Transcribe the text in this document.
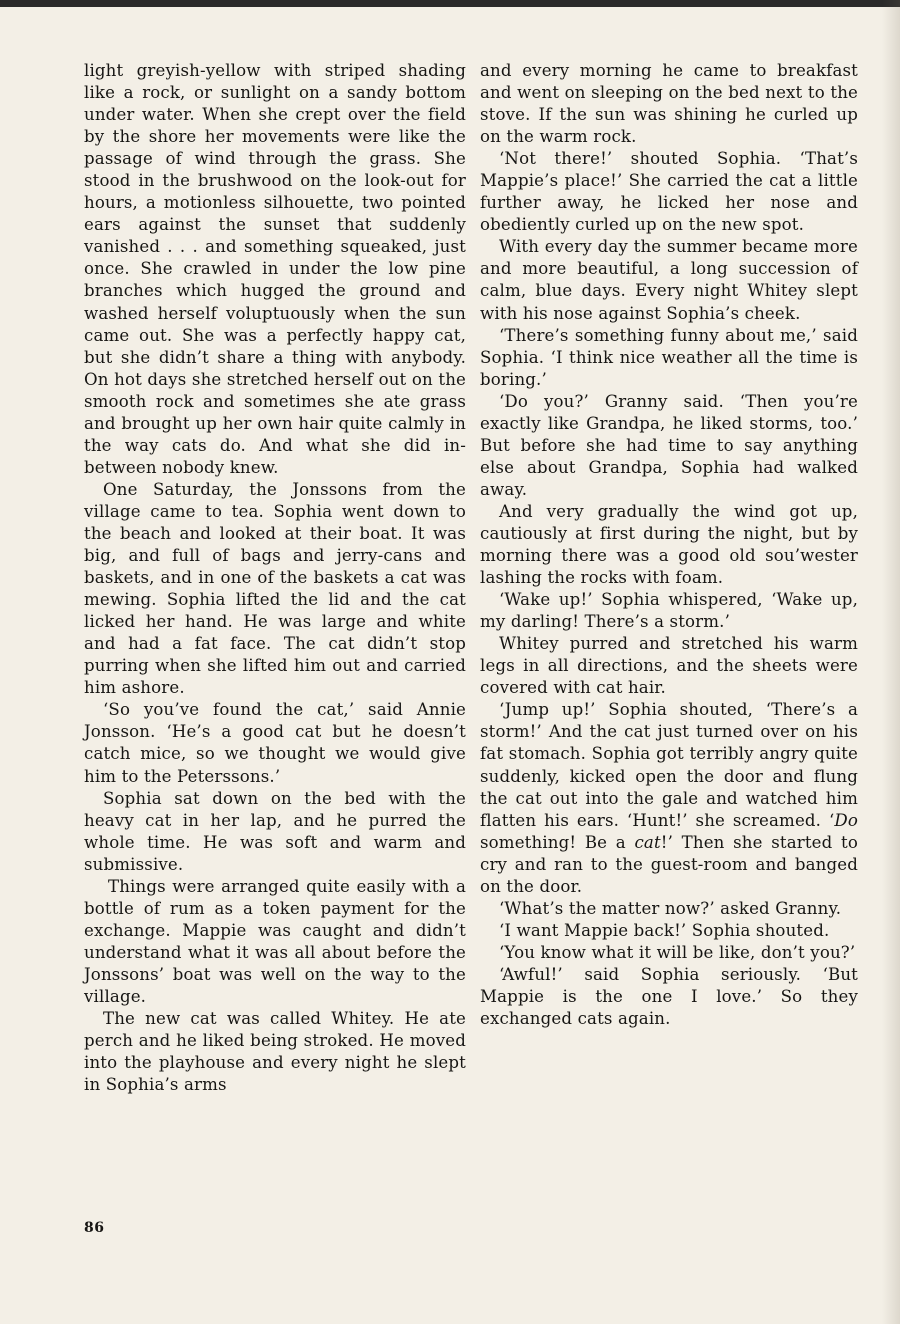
light greyish-yellow with striped shading like a rock, or sunlight on a sandy bottom under water. When she crept over the field by the shore her movements were like the passage of wind through the grass. She stood in the brushwood on the look-out for hours, a motionless silhouette, two pointed ears against the sunset that suddenly vanished . . . and something squeaked, just once. She crawled in under the low pine branches which hugged the ground and washed herself voluptuously when the sun came out. She was a perfectly happy cat, but she didn’t share a thing with anybody. On hot days she stretched herself out on the smooth rock and sometimes she ate grass and brought up her own hair quite calmly in the way cats do. And what she did in-between nobody knew.

One Saturday, the Jonssons from the village came to tea. Sophia went down to the beach and looked at their boat. It was big, and full of bags and jerry-cans and baskets, and in one of the baskets a cat was mewing. Sophia lifted the lid and the cat licked her hand. He was large and white and had a fat face. The cat didn’t stop purring when she lifted him out and carried him ashore.

‘So you’ve found the cat,’ said Annie Jonsson. ‘He’s a good cat but he doesn’t catch mice, so we thought we would give him to the Peterssons.’

Sophia sat down on the bed with the heavy cat in her lap, and he purred the whole time. He was soft and warm and submissive.

Things were arranged quite easily with a bottle of rum as a token payment for the exchange. Mappie was caught and didn’t understand what it was all about before the Jonssons’ boat was well on the way to the village.

The new cat was called Whitey. He ate perch and he liked being stroked. He moved into the playhouse and every night he slept in Sophia’s arms

and every morning he came to breakfast and went on sleeping on the bed next to the stove. If the sun was shining he curled up on the warm rock.

‘Not there!’ shouted Sophia. ‘That’s Mappie’s place!’ She carried the cat a little further away, he licked her nose and obediently curled up on the new spot.

With every day the summer became more and more beautiful, a long succession of calm, blue days. Every night Whitey slept with his nose against Sophia’s cheek.

‘There’s something funny about me,’ said Sophia. ‘I think nice weather all the time is boring.’

‘Do you?’ Granny said. ‘Then you’re exactly like Grandpa, he liked storms, too.’ But before she had time to say anything else about Grandpa, Sophia had walked away.

And very gradually the wind got up, cautiously at first during the night, but by morning there was a good old sou’wester lashing the rocks with foam.

‘Wake up!’ Sophia whispered, ‘Wake up, my darling! There’s a storm.’

Whitey purred and stretched his warm legs in all directions, and the sheets were covered with cat hair.

‘Jump up!’ Sophia shouted, ‘There’s a storm!’ And the cat just turned over on his fat stomach. Sophia got terribly angry quite suddenly, kicked open the door and flung the cat out into the gale and watched him flatten his ears. ‘Hunt!’ she screamed. ‘Do something! Be a cat!’ Then she started to cry and ran to the guest-room and banged on the door.

‘What’s the matter now?’ asked Granny.

‘I want Mappie back!’ Sophia shouted.

‘You know what it will be like, don’t you?’

‘Awful!’ said Sophia seriously. ‘But Mappie is the one I love.’ So they exchanged cats again.

86
